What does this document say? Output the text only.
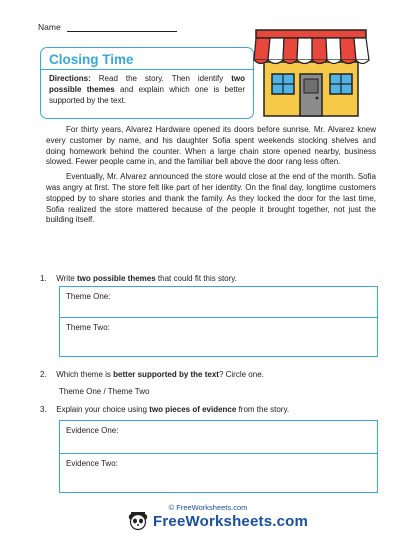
Name
Closing Time
Directions: Read the story. Then identify two possible themes and explain which one is better supported by the text.

For thirty years, Alvarez Hardware opened its doors before sunrise. Mr. Alvarez knew every customer by name, and his daughter Sofia spent weekends stocking shelves and doing homework behind the counter. When a large chain store opened nearby, business slowed. Fewer people came in, and the familiar bell above the door rang less often.

Eventually, Mr. Alvarez announced the store would close at the end of the month. Sofia was angry at first. The store felt like part of her identity. On the final day, longtime customers stopped by to share stories and thank the family. As they locked the door for the last time, Sofia realized the store mattered because of the people it brought together, not just the building itself.

1. Write two possible themes that could fit this story.
Theme One:
Theme Two:
2. Which theme is better supported by the text? Circle one.
Theme One / Theme Two
3. Explain your choice using two pieces of evidence from the story.
Evidence One:
Evidence Two:
© FreeWorksheets.com
FreeWorksheets.com
